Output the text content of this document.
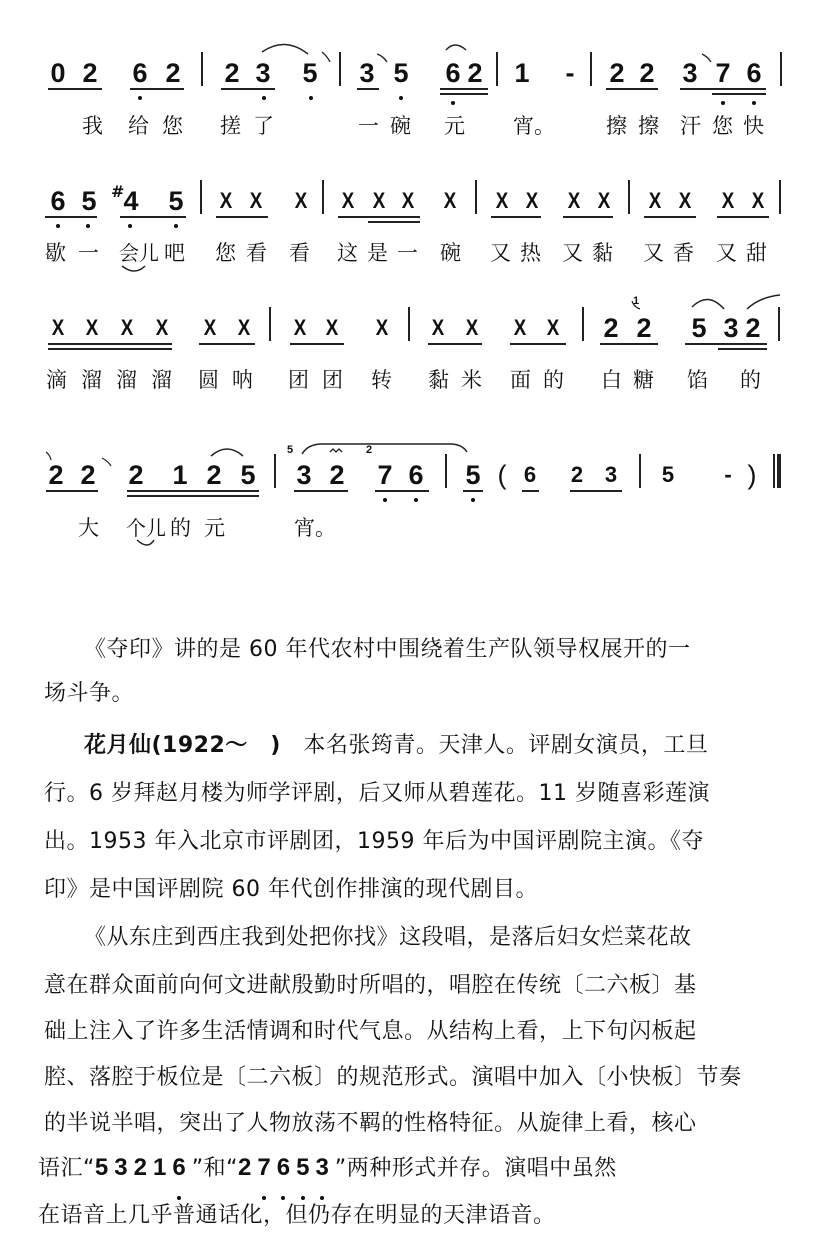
0 2 6 2 2 3 5 3 5 6 2 1 - 2 2 3 7 6
我 给 您 搓 了	一 碗 元 宵。 擦 擦 汗 您 快
6 5 # 4 5 X X X X X X X X X X X X X X X
歇 一 会儿 吧 您 看 看 这 是 一 碗 又 热 又 黏 又 香 又 甜
X X X X X X X X X X X X X 2
1
2 5 3 2
滴 溜 溜 溜 圆 呐 团 团 转 黏 米 面 的 白 糖 馅 的
2 2 2 1 2 5
5
3 2
2
7 6 5 ( 6 2 3 5 - )
大 个儿 的 元	宵。
《夺印》讲的是 60 年代农村中围绕着生产队领导权展开的一
场斗争。
花月仙(1922～　)　本名张筠青。天津人。评剧女演员，工旦
行。6 岁拜赵月楼为师学评剧，后又师从碧莲花。11 岁随喜彩莲演
出。1953 年入北京市评剧团，1959 年后为中国评剧院主演。《夺
印》是中国评剧院 60 年代创作排演的现代剧目。
《从东庄到西庄我到处把你找》这段唱，是落后妇女烂菜花故
意在群众面前向何文进献殷勤时所唱的，唱腔在传统〔二六板〕基
础上注入了许多生活情调和时代气息。从结构上看，上下句闪板起
腔、落腔于板位是〔二六板〕的规范形式。演唱中加入〔小快板〕节奏
的半说半唱，突出了人物放荡不羁的性格特征。从旋律上看，核心
语汇“53216”和“27653”两种形式并存。演唱中虽然
在语音上几乎普通话化，但仍存在明显的天津语音。
